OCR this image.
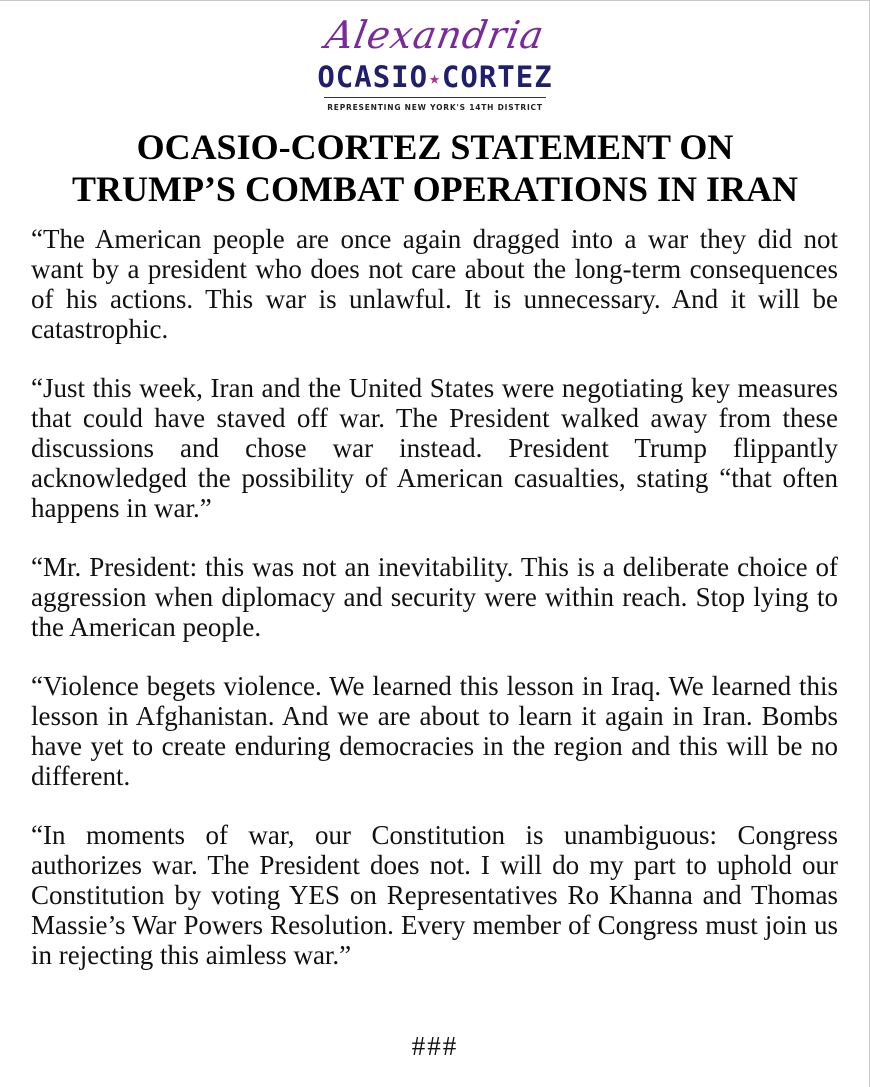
Alexandria
OCASIO★CORTEZ
REPRESENTING NEW YORK'S 14TH DISTRICT
OCASIO-CORTEZ STATEMENT ON
TRUMP’S COMBAT OPERATIONS IN IRAN

“The American people are once again dragged into a war they did not want by a president who does not care about the long-term consequences of his actions. This war is unlawful. It is unnecessary. And it will be catastrophic.

“Just this week, Iran and the United States were negotiating key measures that could have staved off war. The President walked away from these discussions and chose war instead. President Trump flippantly acknowledged the possibility of American casualties, stating “that often happens in war.”

“Mr. President: this was not an inevitability. This is a deliberate choice of aggression when diplomacy and security were within reach. Stop lying to the American people.

“Violence begets violence. We learned this lesson in Iraq. We learned this lesson in Afghanistan. And we are about to learn it again in Iran. Bombs have yet to create enduring democracies in the region and this will be no different.

“In moments of war, our Constitution is unambiguous: Congress authorizes war. The President does not. I will do my part to uphold our Constitution by voting YES on Representatives Ro Khanna and Thomas Massie’s War Powers Resolution. Every member of Congress must join us in rejecting this aimless war.”

###
